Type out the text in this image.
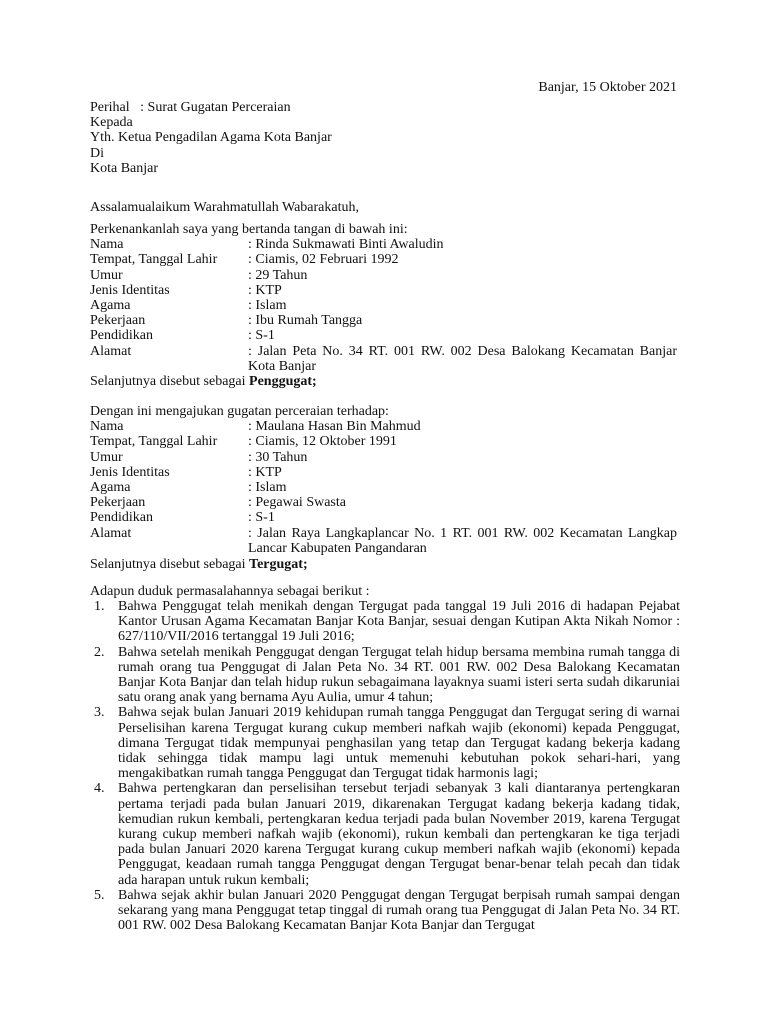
Banjar, 15 Oktober 2021
Perihal : Surat Gugatan Perceraian
Kepada
Yth. Ketua Pengadilan Agama Kota Banjar
Di
Kota Banjar
Assalamualaikum Warahmatullah Wabarakatuh,
Perkenankanlah saya yang bertanda tangan di bawah ini:
Nama	: Rinda Sukmawati Binti Awaludin
Tempat, Tanggal Lahir	: Ciamis, 02 Februari 1992
Umur	: 29 Tahun
Jenis Identitas	: KTP
Agama	: Islam
Pekerjaan	: Ibu Rumah Tangga
Pendidikan	: S-1
Alamat	: Jalan Peta No. 34 RT. 001 RW. 002 Desa Balokang Kecamatan Banjar Kota Banjar
Selanjutnya disebut sebagai Penggugat;
Dengan ini mengajukan gugatan perceraian terhadap:
Nama	: Maulana Hasan Bin Mahmud
Tempat, Tanggal Lahir	: Ciamis, 12 Oktober 1991
Umur	: 30 Tahun
Jenis Identitas	: KTP
Agama	: Islam
Pekerjaan	: Pegawai Swasta
Pendidikan	: S-1
Alamat	: Jalan Raya Langkaplancar No. 1 RT. 001 RW. 002 Kecamatan Langkap Lancar Kabupaten Pangandaran
Selanjutnya disebut sebagai Tergugat;
Adapun duduk permasalahannya sebagai berikut :
1. Bahwa Penggugat telah menikah dengan Tergugat pada tanggal 19 Juli 2016 di hadapan Pejabat Kantor Urusan Agama Kecamatan Banjar Kota Banjar, sesuai dengan Kutipan Akta Nikah Nomor : 627/110/VII/2016 tertanggal 19 Juli 2016;
2. Bahwa setelah menikah Penggugat dengan Tergugat telah hidup bersama membina rumah tangga di rumah orang tua Penggugat di Jalan Peta No. 34 RT. 001 RW. 002 Desa Balokang Kecamatan Banjar Kota Banjar dan telah hidup rukun sebagaimana layaknya suami isteri serta sudah dikaruniai satu orang anak yang bernama Ayu Aulia, umur 4 tahun;
3. Bahwa sejak bulan Januari 2019 kehidupan rumah tangga Penggugat dan Tergugat sering di warnai Perselisihan karena Tergugat kurang cukup memberi nafkah wajib (ekonomi) kepada Penggugat, dimana Tergugat tidak mempunyai penghasilan yang tetap dan Tergugat kadang bekerja kadang tidak sehingga tidak mampu lagi untuk memenuhi kebutuhan pokok sehari-hari, yang mengakibatkan rumah tangga Penggugat dan Tergugat tidak harmonis lagi;
4. Bahwa pertengkaran dan perselisihan tersebut terjadi sebanyak 3 kali diantaranya pertengkaran pertama terjadi pada bulan Januari 2019, dikarenakan Tergugat kadang bekerja kadang tidak, kemudian rukun kembali, pertengkaran kedua terjadi pada bulan November 2019, karena Tergugat kurang cukup memberi nafkah wajib (ekonomi), rukun kembali dan pertengkaran ke tiga terjadi pada bulan Januari 2020 karena Tergugat kurang cukup memberi nafkah wajib (ekonomi) kepada Penggugat, keadaan rumah tangga Penggugat dengan Tergugat benar-benar telah pecah dan tidak ada harapan untuk rukun kembali;
5. Bahwa sejak akhir bulan Januari 2020 Penggugat dengan Tergugat berpisah rumah sampai dengan sekarang yang mana Penggugat tetap tinggal di rumah orang tua Penggugat di Jalan Peta No. 34 RT. 001 RW. 002 Desa Balokang Kecamatan Banjar Kota Banjar dan Tergugat
